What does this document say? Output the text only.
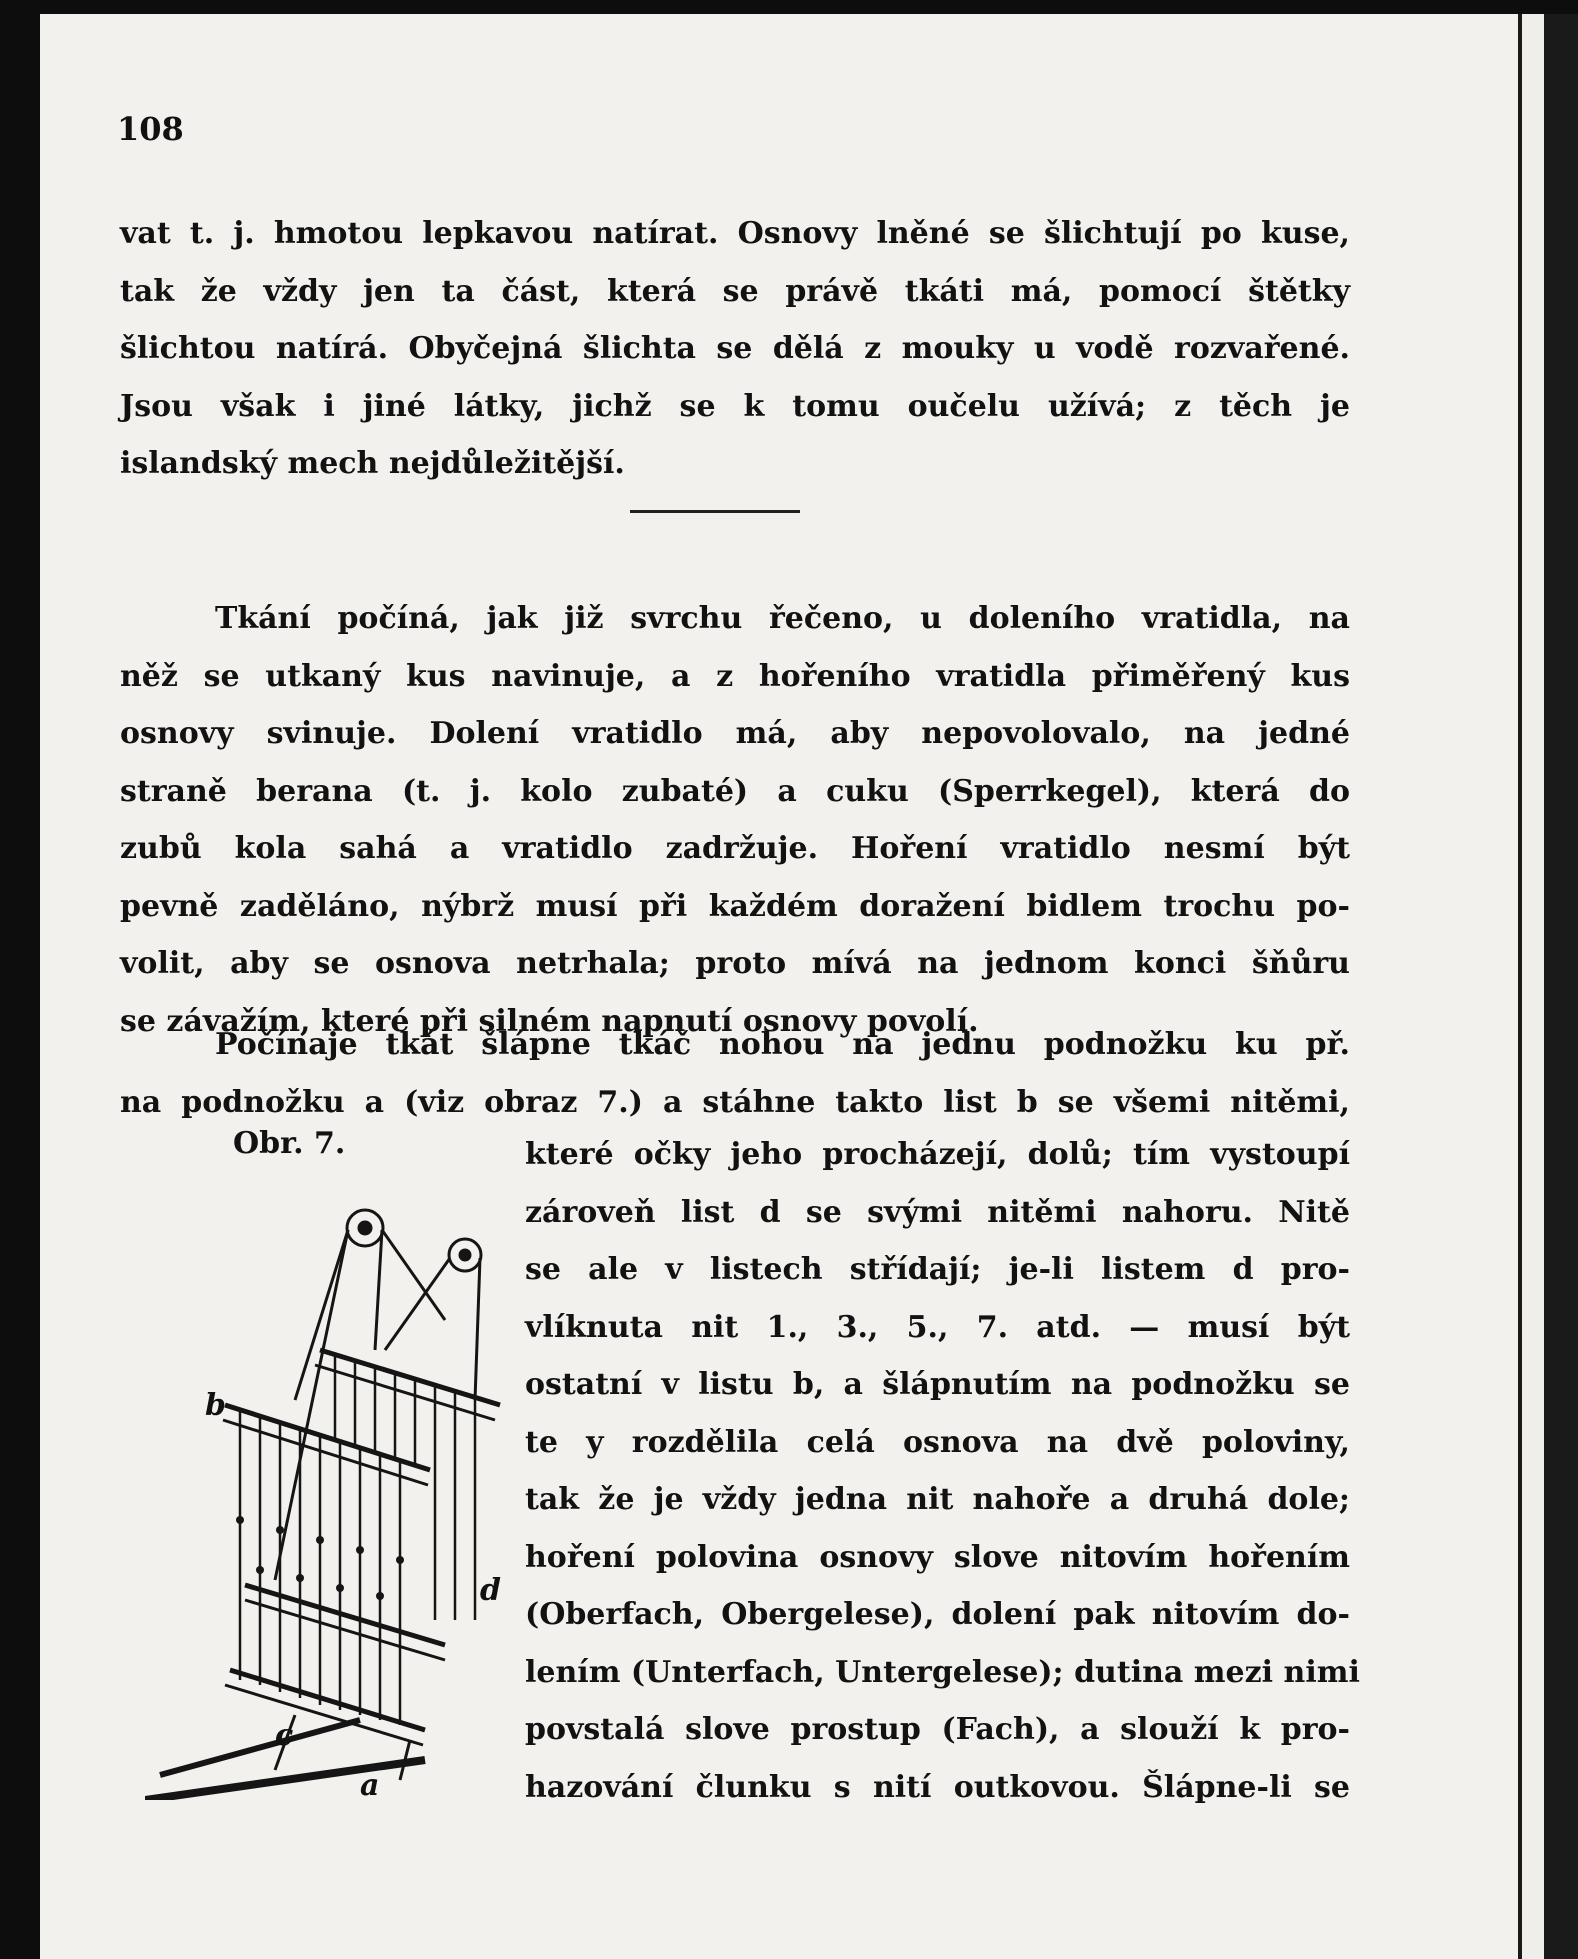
108
vat t. j. hmotou lepkavou natírat. Osnovy lněné se šlichtují po kuse,
tak že vždy jen ta část, která se právě tkáti má, pomocí štětky
šlichtou natírá. Obyčejná šlichta se dělá z mouky u vodě rozvařené.
Jsou však i jiné látky, jichž se k tomu oučelu užívá; z těch je
islandský mech nejdůležitější.
Tkání počíná, jak již svrchu řečeno, u doleního vratidla, na
něž se utkaný kus navinuje, a z hořeního vratidla přiměřený kus
osnovy svinuje. Dolení vratidlo má, aby nepovolovalo, na jedné
straně berana (t. j. kolo zubaté) a cuku (Sperrkegel), která do
zubů kola sahá a vratidlo zadržuje. Hoření vratidlo nesmí být
pevně zaděláno, nýbrž musí při každém doražení bidlem trochu po-
volit, aby se osnova netrhala; proto mívá na jednom konci šňůru
se závažím, které při silném napnutí osnovy povolí.
Počínaje tkát šlápne tkáč nohou na jednu podnožku ku př.
na podnožku a (viz obraz 7.) a stáhne takto list b se všemi nitěmi,
Obr. 7.	které očky jeho procházejí, dolů; tím vystoupí
zároveň list d se svými nitěmi nahoru. Nitě
se ale v listech střídají; je-li listem d pro-
vlíknuta nit 1., 3., 5., 7. atd. — musí být
ostatní v listu b, a šlápnutím na podnožku se
te y rozdělila celá osnova na dvě poloviny,
tak že je vždy jedna nit nahoře a druhá dole;
hoření polovina osnovy slove nitovím hořením
(Oberfach, Obergelese), dolení pak nitovím do-
lením (Unterfach, Untergelese); dutina mezi nimi
povstalá slove prostup (Fach), a slouží k pro-
hazování člunku s nití outkovou. Šlápne-li se
b
d
c
a
